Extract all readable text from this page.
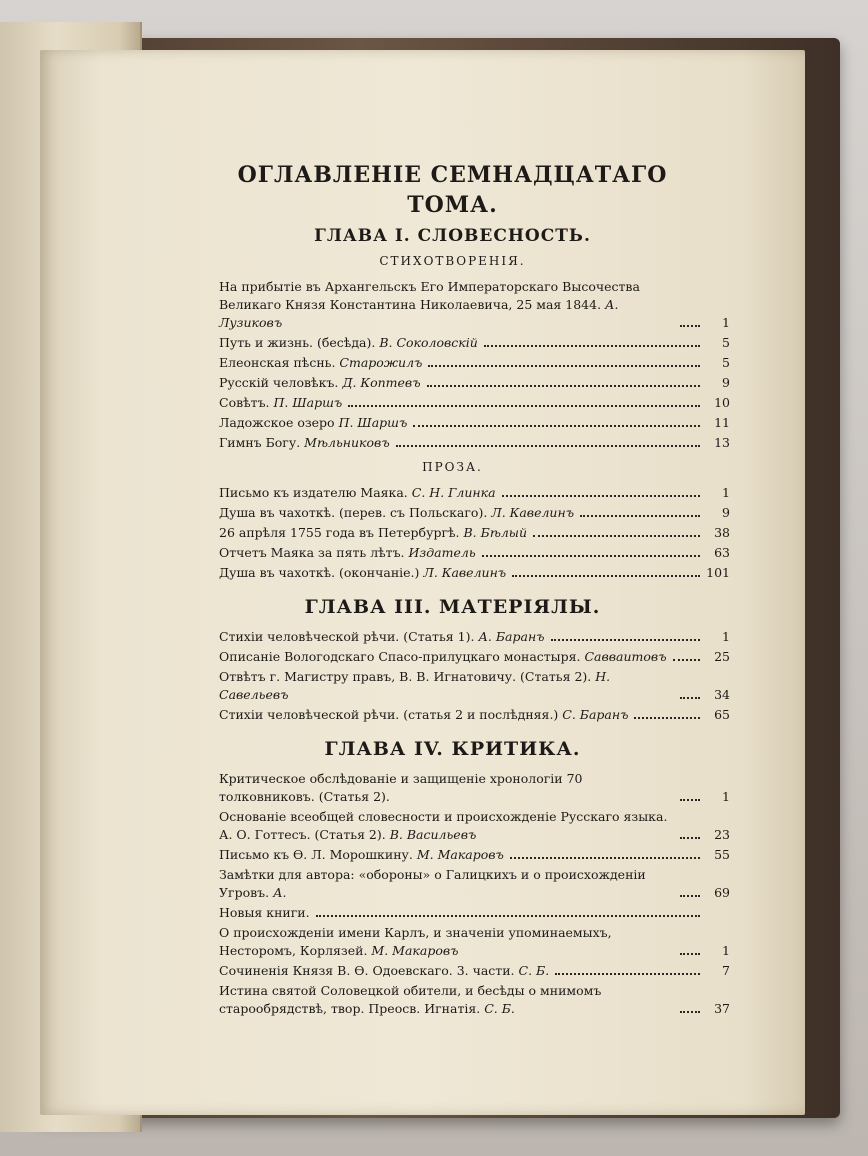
ОГЛАВЛЕНIЕ СЕМНАДЦАТАГО

ТОМА.

ГЛАВА I. СЛОВЕСНОСТЬ.

СТИХОТВОРЕНIЯ.

На прибытiе въ Архангельскъ Его Императорскаго Высочества Великаго Князя Константина Николаевича, 25 мая 1844. А. Лузиковъ	1
Путь и жизнь. (бесѣда). В. Соколовскiй	5
Елеонская пѣснь. Старожилъ	5
Русскiй человѣкъ. Д. Коптевъ	9
Совѣтъ. П. Шаршъ	10
Ладожское озеро П. Шаршъ	11
Гимнъ Богу. Мѣльниковъ	13

ПРОЗА.

Письмо къ издателю Маяка. С. Н. Глинка	1
Душа въ чахоткѣ. (перев. съ Польскаго). Л. Кавелинъ	9
26 апрѣля 1755 года въ Петербургѣ. В. Бѣлый	38
Отчетъ Маяка за пять лѣтъ. Издатель	63
Душа въ чахоткѣ. (окончанiе.) Л. Кавелинъ	101

ГЛАВА III. МАТЕРIЯЛЫ.

Стихiи человѣческой рѣчи. (Статья 1). А. Баранъ	1
Описанiе Вологодскаго Спасо-прилуцкаго монастыря. Савваитовъ	25
Отвѣтъ г. Магистру правъ, В. В. Игнатовичу. (Статья 2). Н. Савельевъ	34
Стихiи человѣческой рѣчи. (статья 2 и послѣдняя.) С. Баранъ	65

ГЛАВА IV. КРИТИКА.

Критическое обслѣдованiе и защищенiе хронологiи 70 толковниковъ. (Статья 2).	1
Основанiе всеобщей словесности и происхожденiе Русскаго языка. А. О. Готтесъ. (Статья 2). В. Васильевъ	23
Письмо къ Ѳ. Л. Морошкину. М. Макаровъ	55
Замѣтки для автора: «обороны» о Галицкихъ и о происхожденiи Угровъ. А.	69
Новыя книги.
О происхожденiи имени Карлъ, и значенiи упоминаемыхъ, Несторомъ, Корлязей. М. Макаровъ	1
Сочиненiя Князя В. Ѳ. Одоевскаго. 3. части. С. Б.	7
Истина святой Соловецкой обители, и бесѣды о мнимомъ старообрядствѣ, твор. Преосв. Игнатiя. С. Б.	37
